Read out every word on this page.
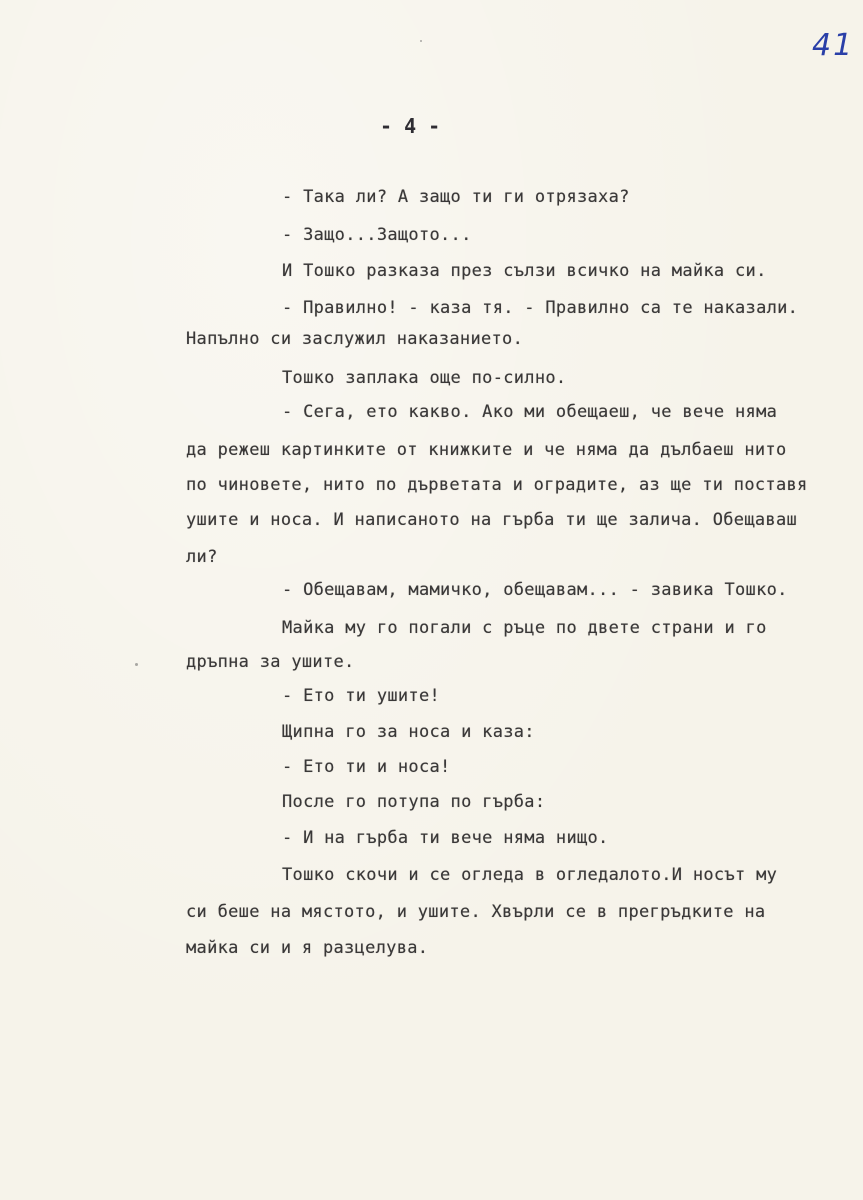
41
- 4 -
- Така ли? А защо ти ги отрязаха?
- Защо...Защото...
И Тошко разказа през сълзи всичко на майка си.
- Правилно! - каза тя. - Правилно са те наказали.
Напълно си заслужил наказанието.
Тошко заплака още по-силно.
- Сега, ето какво. Ако ми обещаеш, че вече няма
да режеш картинките от книжките и че няма да дълбаеш нито
по чиновете, нито по дърветата и оградите, аз ще ти поставя
ушите и носа. И написаното на гърба ти ще залича. Обещаваш
ли?
- Обещавам, мамичко, обещавам... - завика Тошко.
Майка му го погали с ръце по двете страни и го
дръпна за ушите.
- Ето ти ушите!
Щипна го за носа и каза:
- Ето ти и носа!
После го потупа по гърба:
- И на гърба ти вече няма нищо.
Тошко скочи и се огледа в огледалото.И носът му
си беше на мястото, и ушите. Хвърли се в прегръдките на
майка си и я разцелува.
